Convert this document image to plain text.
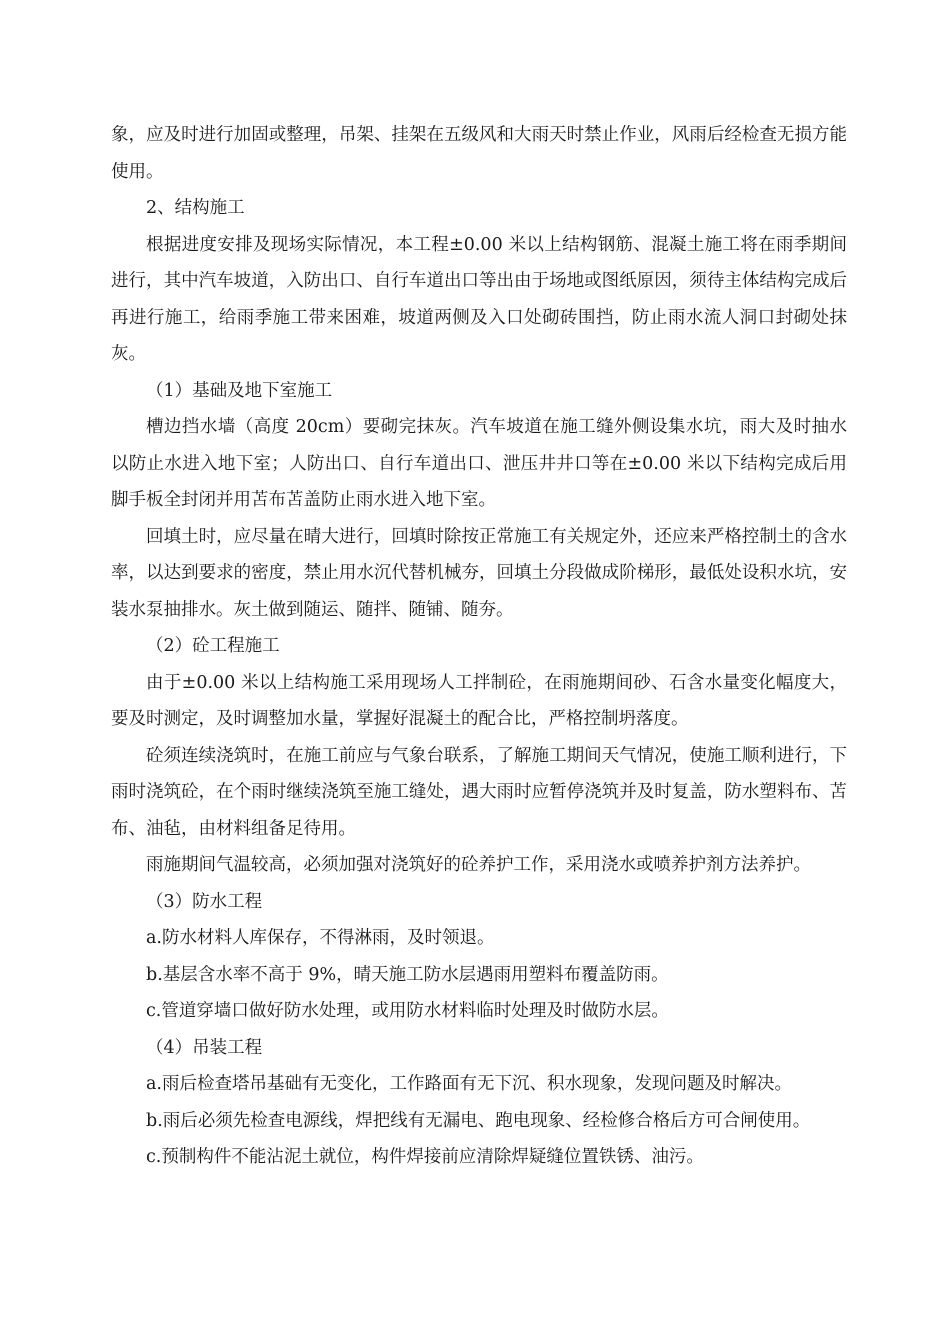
象，应及时进行加固或整理，吊架、挂架在五级风和大雨天时禁止作业，风雨后经检查无损方能使用。

2、结构施工

根据进度安排及现场实际情况，本工程±0.00 米以上结构钢筋、混凝土施工将在雨季期间进行，其中汽车坡道，入防出口、自行车道出口等出由于场地或图纸原因，须待主体结构完成后再进行施工，给雨季施工带来困难，坡道两侧及入口处砌砖围挡，防止雨水流人洞口封砌处抹灰。

（1）基础及地下室施工

槽边挡水墙（高度 20cm）要砌完抹灰。汽车坡道在施工缝外侧设集水坑，雨大及时抽水以防止水进入地下室；人防出口、自行车道出口、泄压井井口等在±0.00 米以下结构完成后用脚手板全封闭并用苫布苫盖防止雨水进入地下室。

回填土时，应尽量在晴大进行，回填时除按正常施工有关规定外，还应来严格控制土的含水率，以达到要求的密度，禁止用水沉代替机械夯，回填土分段做成阶梯形，最低处设积水坑，安装水泵抽排水。灰土做到随运、随拌、随铺、随夯。

（2）砼工程施工

由于±0.00 米以上结构施工采用现场人工拌制砼，在雨施期间砂、石含水量变化幅度大，要及时测定，及时调整加水量，掌握好混凝土的配合比，严格控制坍落度。

砼须连续浇筑时，在施工前应与气象台联系，了解施工期间天气情况，使施工顺利进行，下雨时浇筑砼，在个雨时继续浇筑至施工缝处，遇大雨时应暂停浇筑并及时复盖，防水塑料布、苫布、油毡，由材料组备足待用。

雨施期间气温较高，必须加强对浇筑好的砼养护工作，采用浇水或喷养护剂方法养护。

（3）防水工程

a.防水材料人库保存，不得淋雨，及时领退。

b.基层含水率不高于 9%，晴天施工防水层遇雨用塑料布覆盖防雨。

c.管道穿墙口做好防水处理，或用防水材料临时处理及时做防水层。

（4）吊装工程

a.雨后检查塔吊基础有无变化，工作路面有无下沉、积水现象，发现问题及时解决。

b.雨后必须先检查电源线，焊把线有无漏电、跑电现象、经检修合格后方可合闸使用。

c.预制构件不能沾泥土就位，构件焊接前应清除焊疑缝位置铁锈、油污。
